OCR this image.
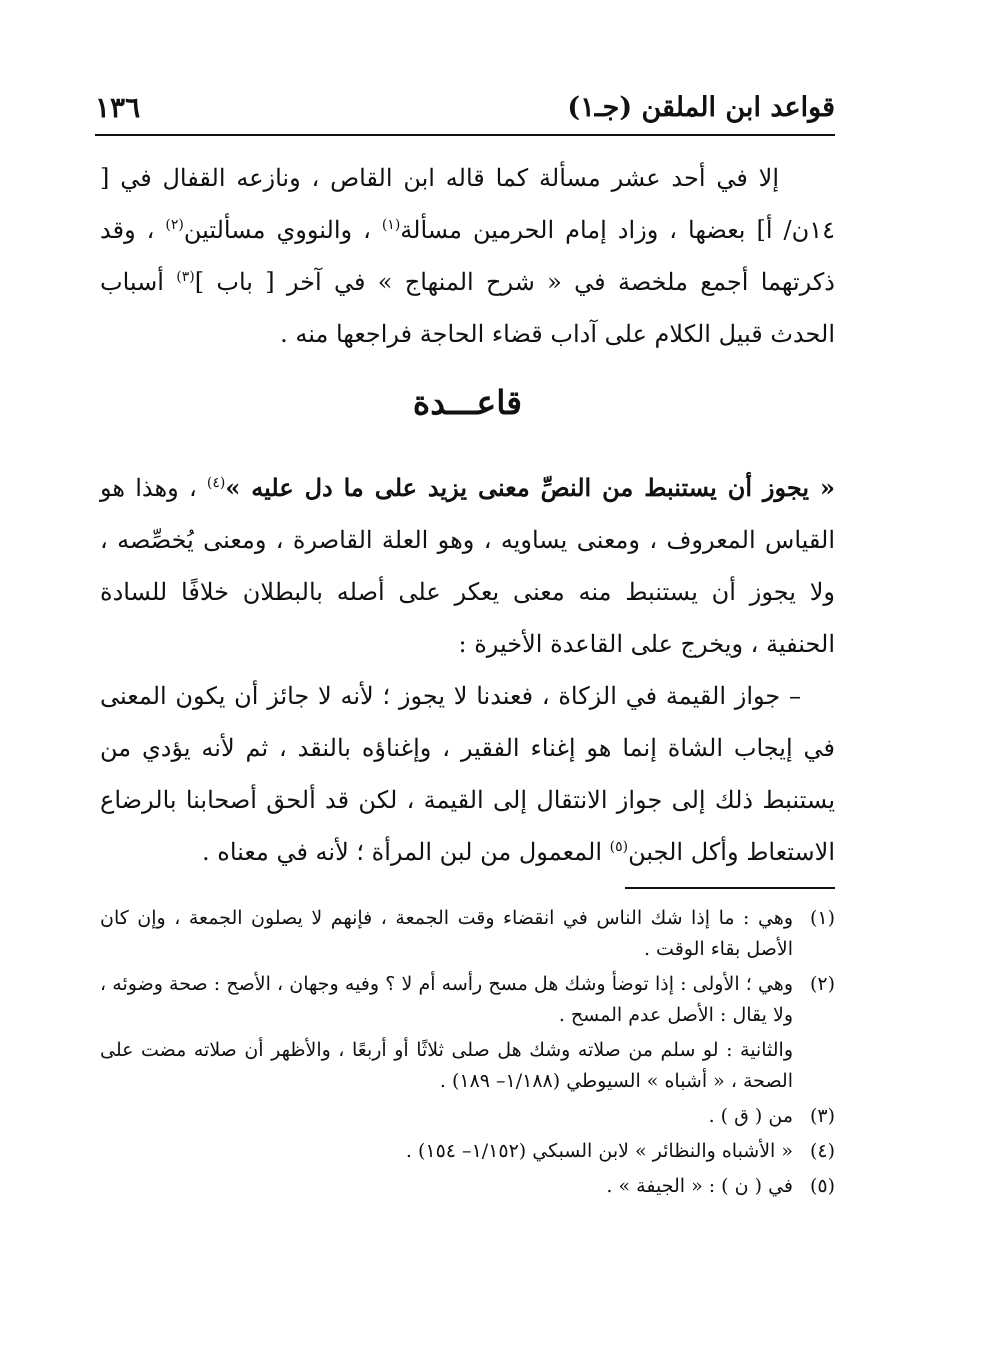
١٣٦	قواعد ابن الملقن (جـ١)

إلا في أحد عشر مسألة كما قاله ابن القاص ، ونازعه القفال في [ ١٤ن/ أ] بعضها ، وزاد إمام الحرمين مسألة$^{(١)}$ ، والنووي مسألتين$^{(٢)}$ ، وقد ذكرتهما أجمع ملخصة في « شرح المنهاج » في آخر [ باب ]$^{(٣)}$ أسباب الحدث قبيل الكلام على آداب قضاء الحاجة فراجعها منه .

قاعـــدة

« يجوز أن يستنبط من النصِّ معنى يزيد على ما دل عليه »$^{(٤)}$ ، وهذا هو القياس المعروف ، ومعنى يساويه ، وهو العلة القاصرة ، ومعنى يُخصِّصه ، ولا يجوز أن يستنبط منه معنى يعكر على أصله بالبطلان خلافًا للسادة الحنفية ، ويخرج على القاعدة الأخيرة :

– جواز القيمة في الزكاة ، فعندنا لا يجوز ؛ لأنه لا جائز أن يكون المعنى في إيجاب الشاة إنما هو إغناء الفقير ، وإغناؤه بالنقد ، ثم لأنه يؤدي من يستنبط ذلك إلى جواز الانتقال إلى القيمة ، لكن قد ألحق أصحابنا بالرضاع الاستعاط وأكل الجبن$^{(٥)}$ المعمول من لبن المرأة ؛ لأنه في معناه .

(١)
وهي : ما إذا شك الناس في انقضاء وقت الجمعة ، فإنهم لا يصلون الجمعة ، وإن كان الأصل بقاء الوقت .
(٢)
وهي ؛ الأولى : إذا توضأ وشك هل مسح رأسه أم لا ؟ وفيه وجهان ، الأصح : صحة وضوئه ، ولا يقال : الأصل عدم المسح .
والثانية : لو سلم من صلاته وشك هل صلى ثلاثًا أو أربعًا ، والأظهر أن صلاته مضت على الصحة ، « أشباه » السيوطي (١/١٨٨– ١٨٩) .
(٣)
من ( ق ) .
(٤)
« الأشباه والنظائر » لابن السبكي (١/١٥٢– ١٥٤) .
(٥)
في ( ن ) : « الجيفة » .
